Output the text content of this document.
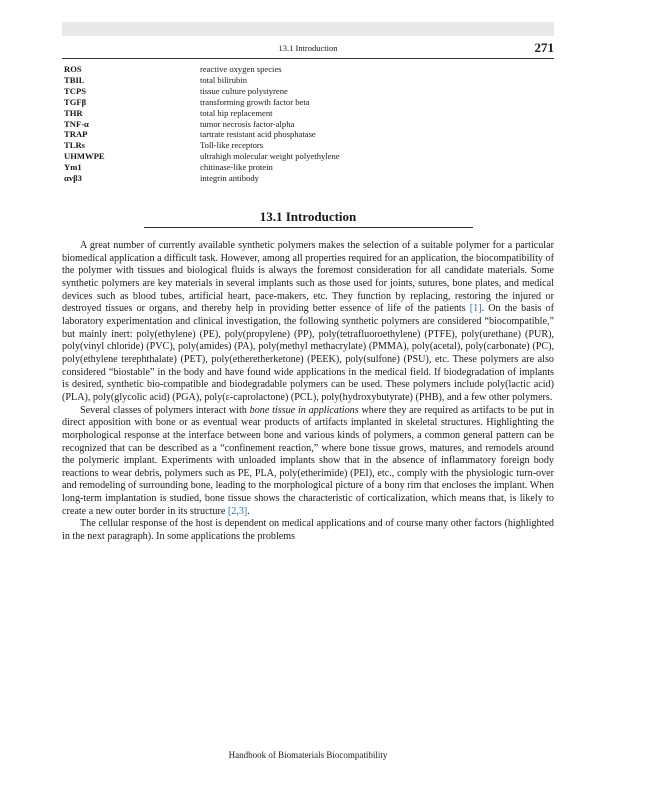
13.1 Introduction	271
ROS	reactive oxygen species
TBIL	total bilirubin
TCPS	tissue culture polystyrene
TGFβ	transforming growth factor beta
THR	total hip replacement
TNF-α	tumor necrosis factor-alpha
TRAP	tartrate resistant acid phosphatase
TLRs	Toll-like receptors
UHMWPE	ultrahigh molecular weight polyethylene
Ym1	chitinase-like protein
αvβ3	integrin antibody
13.1 Introduction

A great number of currently available synthetic polymers makes the selection of a suitable polymer for a particular biomedical application a difficult task. However, among all properties required for an application, the biocompatibility of the polymer with tissues and biological fluids is always the foremost consideration for all candidate materials. Some synthetic polymers are key materials in several implants such as those used for joints, sutures, bone plates, and medical devices such as blood tubes, artificial heart, pace-makers, etc. They function by replacing, restoring the injured or destroyed tissues or organs, and thereby help in providing better essence of life of the patients [1]. On the basis of laboratory experimentation and clinical investigation, the following synthetic polymers are considered “biocompatible,” but mainly inert: poly(ethylene) (PE), poly(propylene) (PP), poly(tetrafluoroethylene) (PTFE), poly(urethane) (PUR), poly(vinyl chloride) (PVC), poly(amides) (PA), poly(methyl methacrylate) (PMMA), poly(acetal), poly(carbonate) (PC), poly(ethylene terephthalate) (PET), poly(etheretherketone) (PEEK), poly(sulfone) (PSU), etc. These polymers are also considered “biostable” in the body and have found wide applications in the medical field. If biodegradation of implants is desired, synthetic bio-compatible and biodegradable polymers can be used. These polymers include poly(lactic acid) (PLA), poly(glycolic acid) (PGA), poly(ε-caprolactone) (PCL), poly(hydroxybutyrate) (PHB), and a few other polymers.

Several classes of polymers interact with bone tissue in applications where they are required as artifacts to be put in direct apposition with bone or as eventual wear products of artifacts implanted in skeletal structures. Highlighting the morphological response at the interface between bone and various kinds of polymers, a common general pattern can be recognized that can be described as a “confinement reaction,” where bone tissue grows, matures, and remodels around the polymeric implant. Experiments with unloaded implants show that in the absence of inflammatory foreign body reactions to wear debris, polymers such as PE, PLA, poly(etherimide) (PEI), etc., comply with the physiologic turn-over and remodeling of surrounding bone, leading to the morphological picture of a bony rim that encloses the implant. When long-term implantation is studied, bone tissue shows the characteristic of corticalization, which means that, is likely to create a new outer border in its structure [2,3].

The cellular response of the host is dependent on medical applications and of course many other factors (highlighted in the next paragraph). In some applications the problems

Handbook of Biomaterials Biocompatibility
